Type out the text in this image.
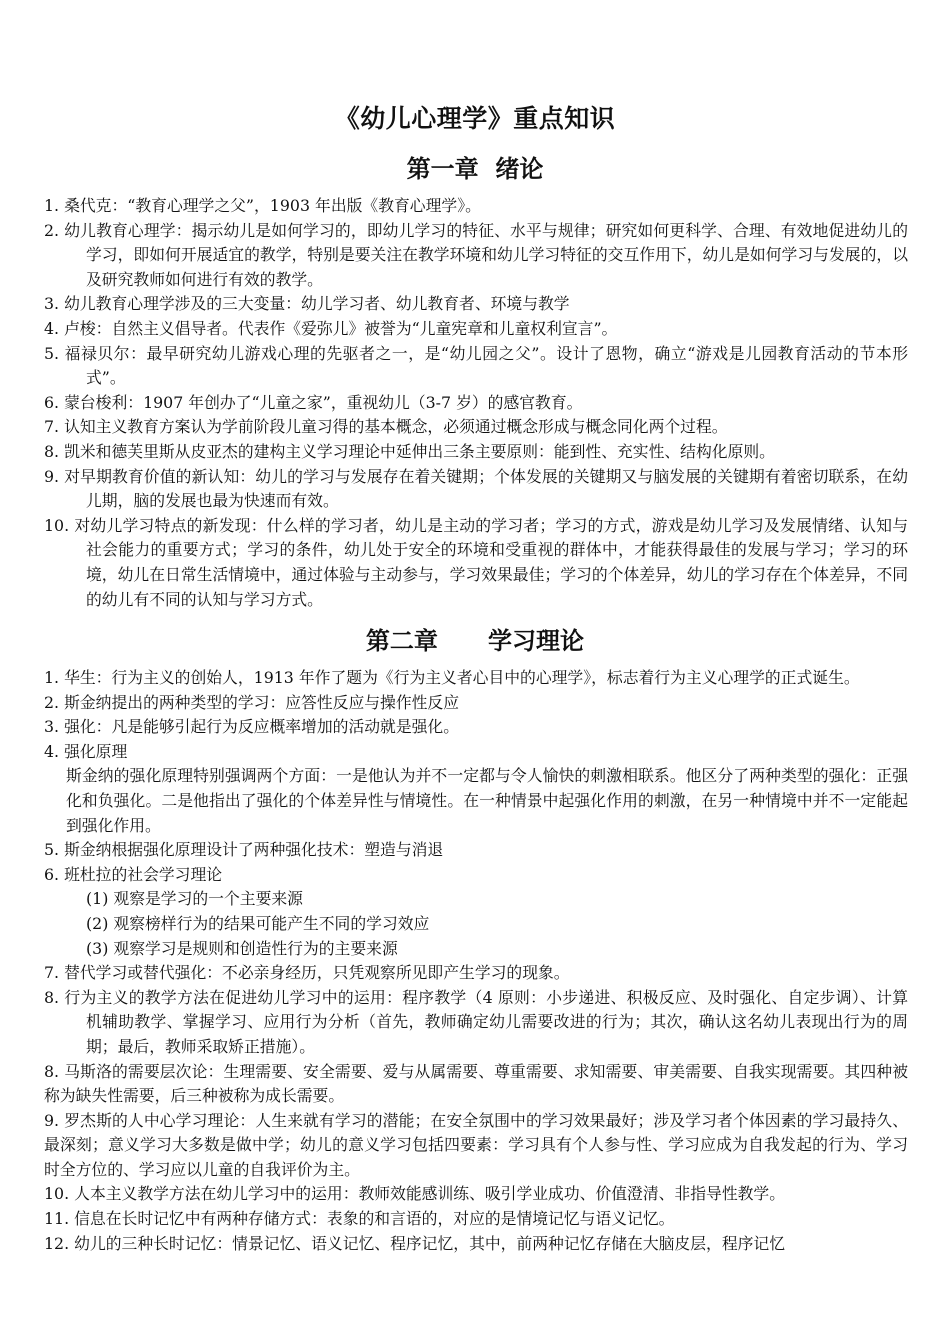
《幼儿心理学》重点知识
第一章  绪论

1. 桑代克：“教育心理学之父”，1903 年出版《教育心理学》。

2. 幼儿教育心理学：揭示幼儿是如何学习的，即幼儿学习的特征、水平与规律；研究如何更科学、合理、有效地促进幼儿的学习，即如何开展适宜的教学，特别是要关注在教学环境和幼儿学习特征的交互作用下，幼儿是如何学习与发展的，以及研究教师如何进行有效的教学。

3. 幼儿教育心理学涉及的三大变量：幼儿学习者、幼儿教育者、环境与教学

4. 卢梭：自然主义倡导者。代表作《爱弥儿》被誉为“儿童宪章和儿童权利宣言”。

5. 福禄贝尔：最早研究幼儿游戏心理的先驱者之一，是“幼儿园之父”。设计了恩物，确立“游戏是儿园教育活动的节本形式”。

6. 蒙台梭利：1907 年创办了“儿童之家”，重视幼儿（3-7 岁）的感官教育。

7. 认知主义教育方案认为学前阶段儿童习得的基本概念，必须通过概念形成与概念同化两个过程。

8. 凯米和德芙里斯从皮亚杰的建构主义学习理论中延伸出三条主要原则：能到性、充实性、结构化原则。

9. 对早期教育价值的新认知：幼儿的学习与发展存在着关键期；个体发展的关键期又与脑发展的关键期有着密切联系，在幼儿期，脑的发展也最为快速而有效。

10. 对幼儿学习特点的新发现：什么样的学习者，幼儿是主动的学习者；学习的方式，游戏是幼儿学习及发展情绪、认知与社会能力的重要方式；学习的条件，幼儿处于安全的环境和受重视的群体中，才能获得最佳的发展与学习；学习的环境，幼儿在日常生活情境中，通过体验与主动参与，学习效果最佳；学习的个体差异，幼儿的学习存在个体差异，不同的幼儿有不同的认知与学习方式。

第二章      学习理论

1. 华生：行为主义的创始人，1913 年作了题为《行为主义者心目中的心理学》，标志着行为主义心理学的正式诞生。

2. 斯金纳提出的两种类型的学习：应答性反应与操作性反应

3. 强化：凡是能够引起行为反应概率增加的活动就是强化。

4. 强化原理

斯金纳的强化原理特别强调两个方面：一是他认为并不一定都与令人愉快的刺激相联系。他区分了两种类型的强化：正强化和负强化。二是他指出了强化的个体差异性与情境性。在一种情景中起强化作用的刺激，在另一种情境中并不一定能起到强化作用。

5. 斯金纳根据强化原理设计了两种强化技术：塑造与消退

6. 班杜拉的社会学习理论

(1) 观察是学习的一个主要来源

(2) 观察榜样行为的结果可能产生不同的学习效应

(3) 观察学习是规则和创造性行为的主要来源

7. 替代学习或替代强化：不必亲身经历，只凭观察所见即产生学习的现象。

8. 行为主义的教学方法在促进幼儿学习中的运用：程序教学（4 原则：小步递进、积极反应、及时强化、自定步调）、计算机辅助教学、掌握学习、应用行为分析（首先，教师确定幼儿需要改进的行为；其次，确认这名幼儿表现出行为的周期；最后，教师采取矫正措施）。

8. 马斯洛的需要层次论：生理需要、安全需要、爱与从属需要、尊重需要、求知需要、审美需要、自我实现需要。其四种被称为缺失性需要，后三种被称为成长需要。

9. 罗杰斯的人中心学习理论：人生来就有学习的潜能；在安全氛围中的学习效果最好；涉及学习者个体因素的学习最持久、最深刻；意义学习大多数是做中学；幼儿的意义学习包括四要素：学习具有个人参与性、学习应成为自我发起的行为、学习时全方位的、学习应以儿童的自我评价为主。

10. 人本主义教学方法在幼儿学习中的运用：教师效能感训练、吸引学业成功、价值澄清、非指导性教学。

11. 信息在长时记忆中有两种存储方式：表象的和言语的，对应的是情境记忆与语义记忆。

12. 幼儿的三种长时记忆：情景记忆、语义记忆、程序记忆，其中，前两种记忆存储在大脑皮层，程序记忆
